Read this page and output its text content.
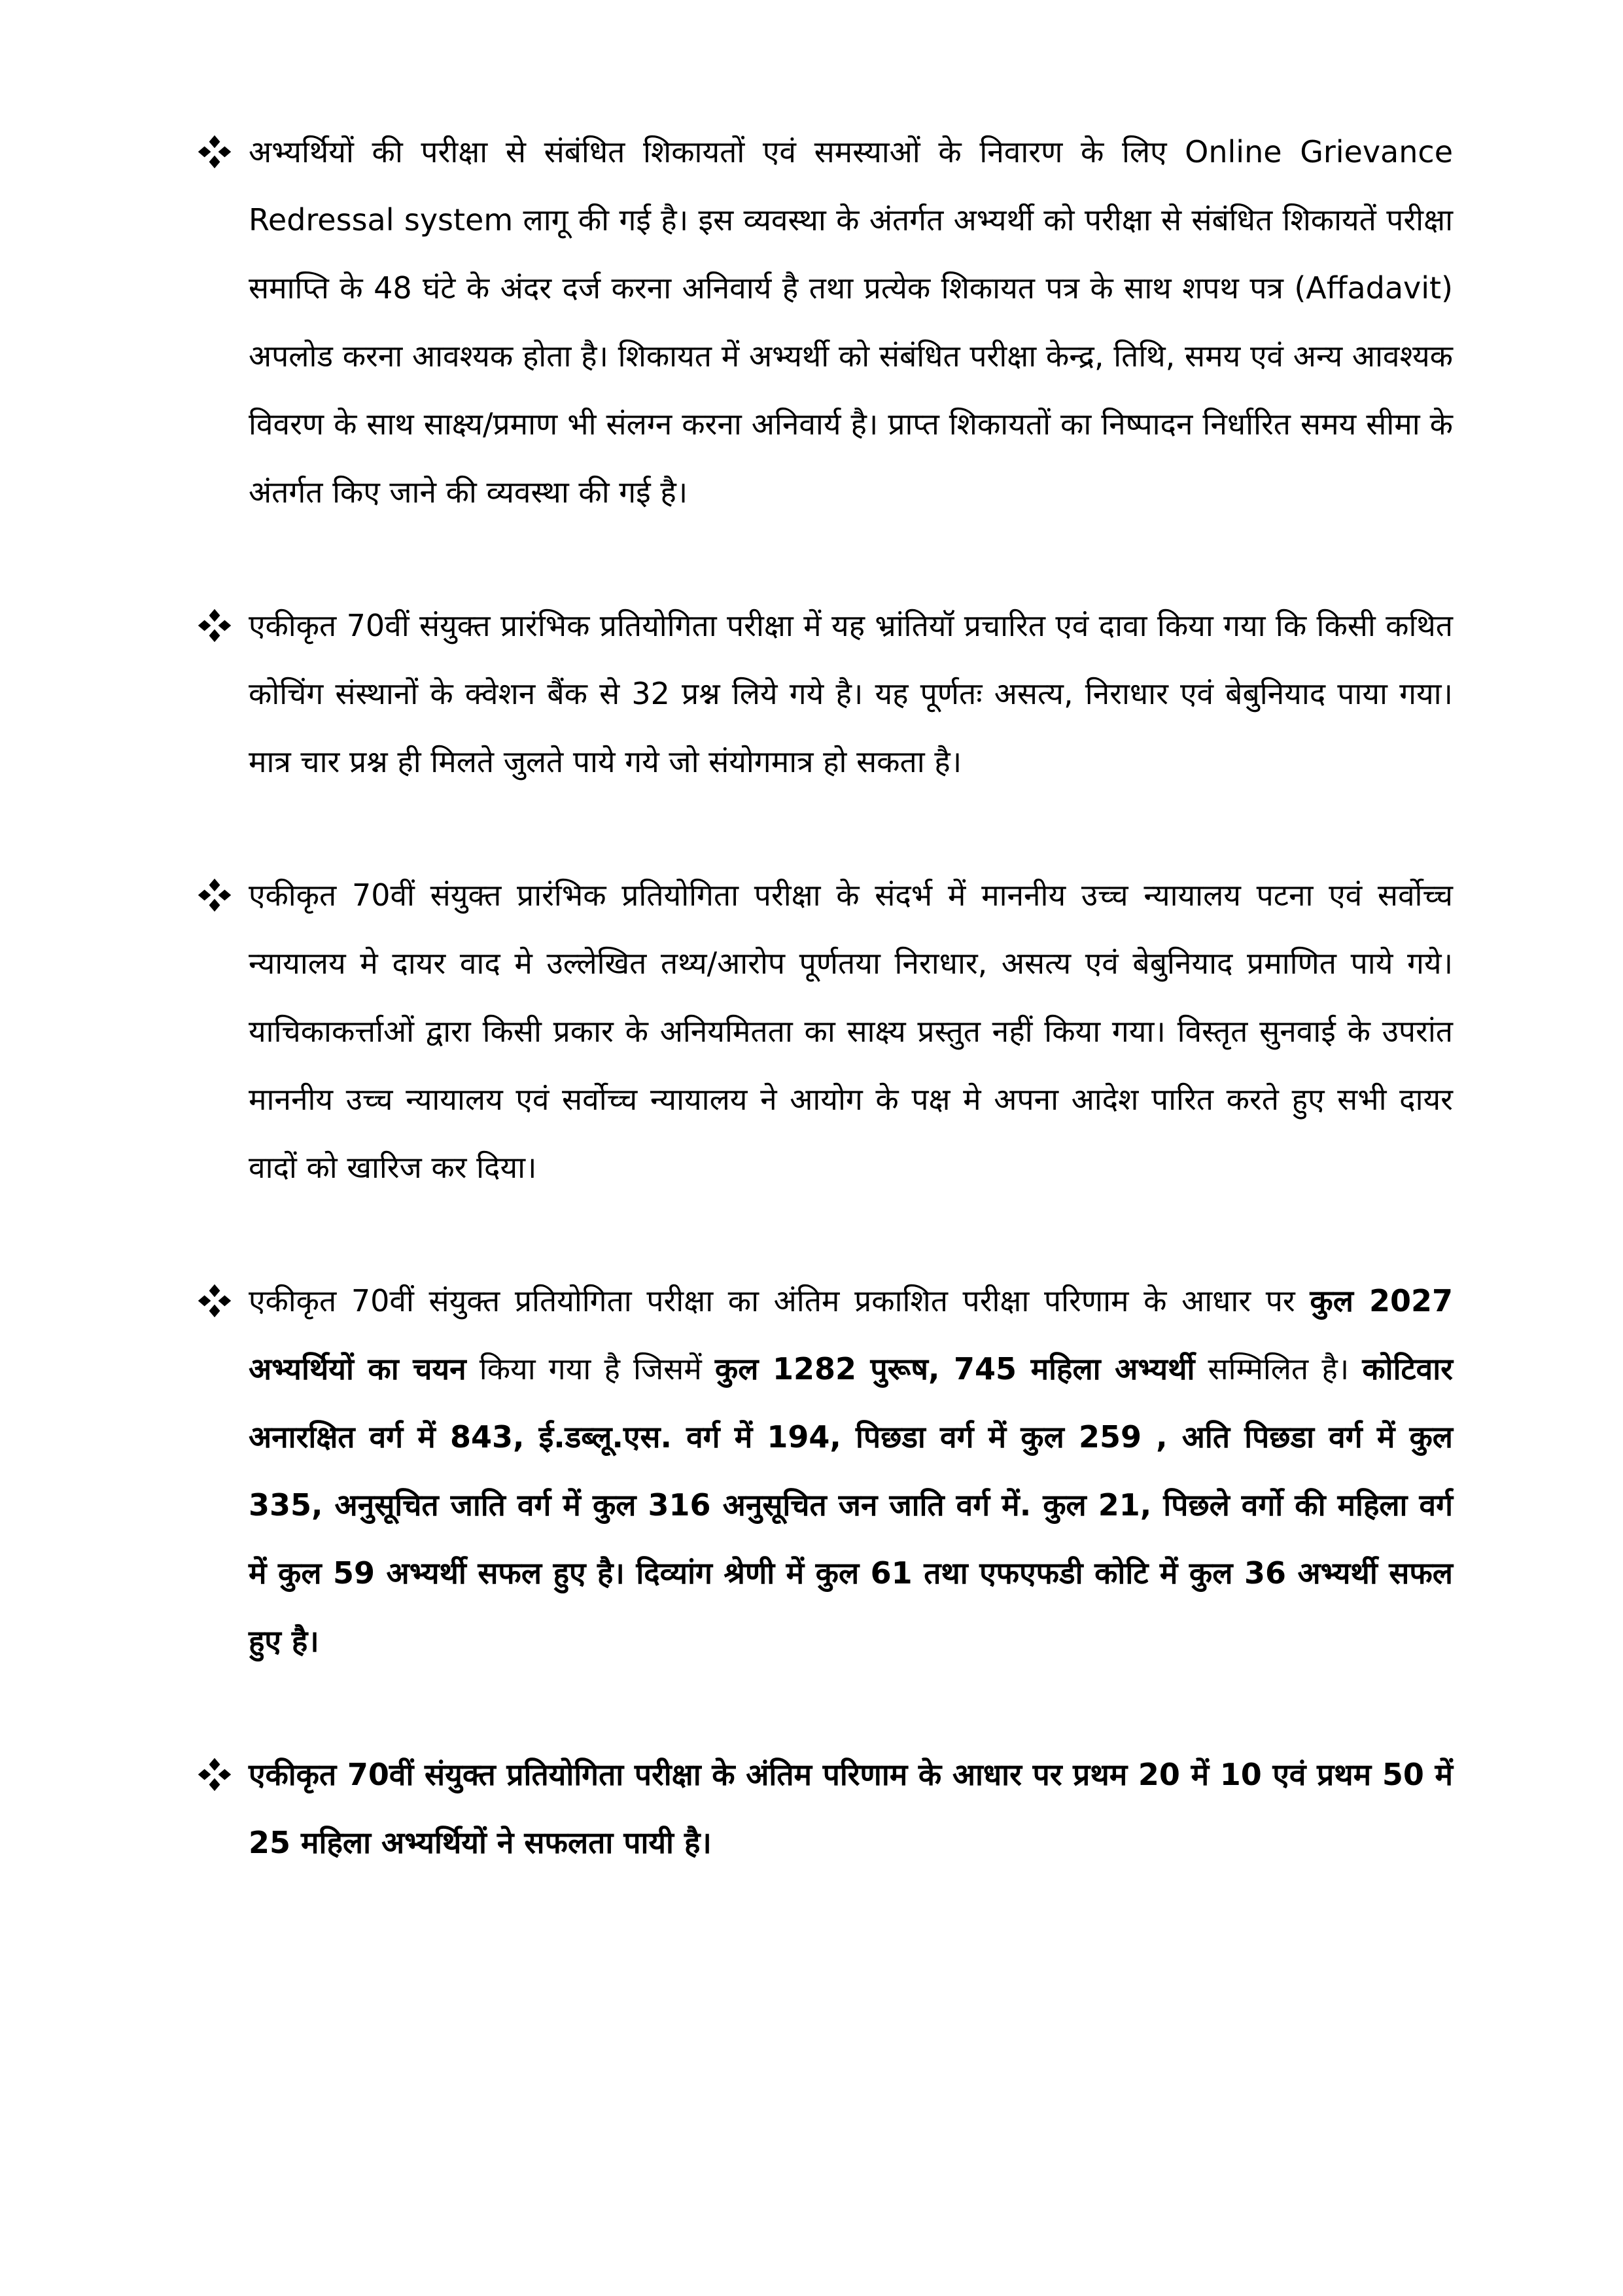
अभ्यर्थियों की परीक्षा से संबंधित शिकायतों एवं समस्याओं के निवारण के लिए Online Grievance Redressal system लागू की गई है। इस व्यवस्था के अंतर्गत अभ्यर्थी को परीक्षा से संबंधित शिकायतें परीक्षा समाप्ति के 48 घंटे के अंदर दर्ज करना अनिवार्य है तथा प्रत्येक शिकायत पत्र के साथ शपथ पत्र (Affadavit) अपलोड करना आवश्यक होता है। शिकायत में अभ्यर्थी को संबंधित परीक्षा केन्द्र, तिथि, समय एवं अन्य आवश्यक विवरण के साथ साक्ष्य/प्रमाण भी संलग्न करना अनिवार्य है। प्राप्त शिकायतों का निष्पादन निर्धारित समय सीमा के अंतर्गत किए जाने की व्यवस्था की गई है।
एकीकृत 70वीं संयुक्त प्रारंभिक प्रतियोगिता परीक्षा में यह भ्रांतियॉ प्रचारित एवं दावा किया गया कि किसी कथित कोचिंग संस्थानों के क्वेशन बैंक से 32 प्रश्न लिये गये है। यह पूर्णतः असत्य, निराधार एवं बेबुनियाद पाया गया। मात्र चार प्रश्न ही मिलते जुलते पाये गये जो संयोगमात्र हो सकता है।
एकीकृत 70वीं संयुक्त प्रारंभिक प्रतियोगिता परीक्षा के संदर्भ में माननीय उच्च न्यायालय पटना एवं सर्वोच्च न्यायालय मे दायर वाद मे उल्लेखित तथ्य/आरोप पूर्णतया निराधार, असत्य एवं बेबुनियाद प्रमाणित पाये गये। याचिकाकर्त्ताओं द्वारा किसी प्रकार के अनियमितता का साक्ष्य प्रस्तुत नहीं किया गया। विस्तृत सुनवाई के उपरांत माननीय उच्च न्यायालय एवं सर्वोच्च न्यायालय ने आयोग के पक्ष मे अपना आदेश पारित करते हुए सभी दायर वादों को खारिज कर दिया।
एकीकृत 70वीं संयुक्त प्रतियोगिता परीक्षा का अंतिम प्रकाशित परीक्षा परिणाम के आधार पर कुल 2027 अभ्यर्थियों का चयन किया गया है जिसमें कुल 1282 पुरूष, 745 महिला अभ्यर्थी सम्मिलित है। कोटिवार अनारक्षित वर्ग में 843, ई.डब्लू.एस. वर्ग में 194, पिछडा वर्ग में कुल 259 , अति पिछडा वर्ग में कुल 335, अनुसूचित जाति वर्ग में कुल 316 अनुसूचित जन जाति वर्ग में. कुल 21, पिछले वर्गो की महिला वर्ग में कुल 59 अभ्यर्थी सफल हुए है। दिव्यांग श्रेणी में कुल 61 तथा एफएफडी कोटि में कुल 36 अभ्यर्थी सफल हुए है।
एकीकृत 70वीं संयुक्त प्रतियोगिता परीक्षा के अंतिम परिणाम के आधार पर प्रथम 20 में 10 एवं प्रथम 50 में 25 महिला अभ्यर्थियों ने सफलता पायी है।
